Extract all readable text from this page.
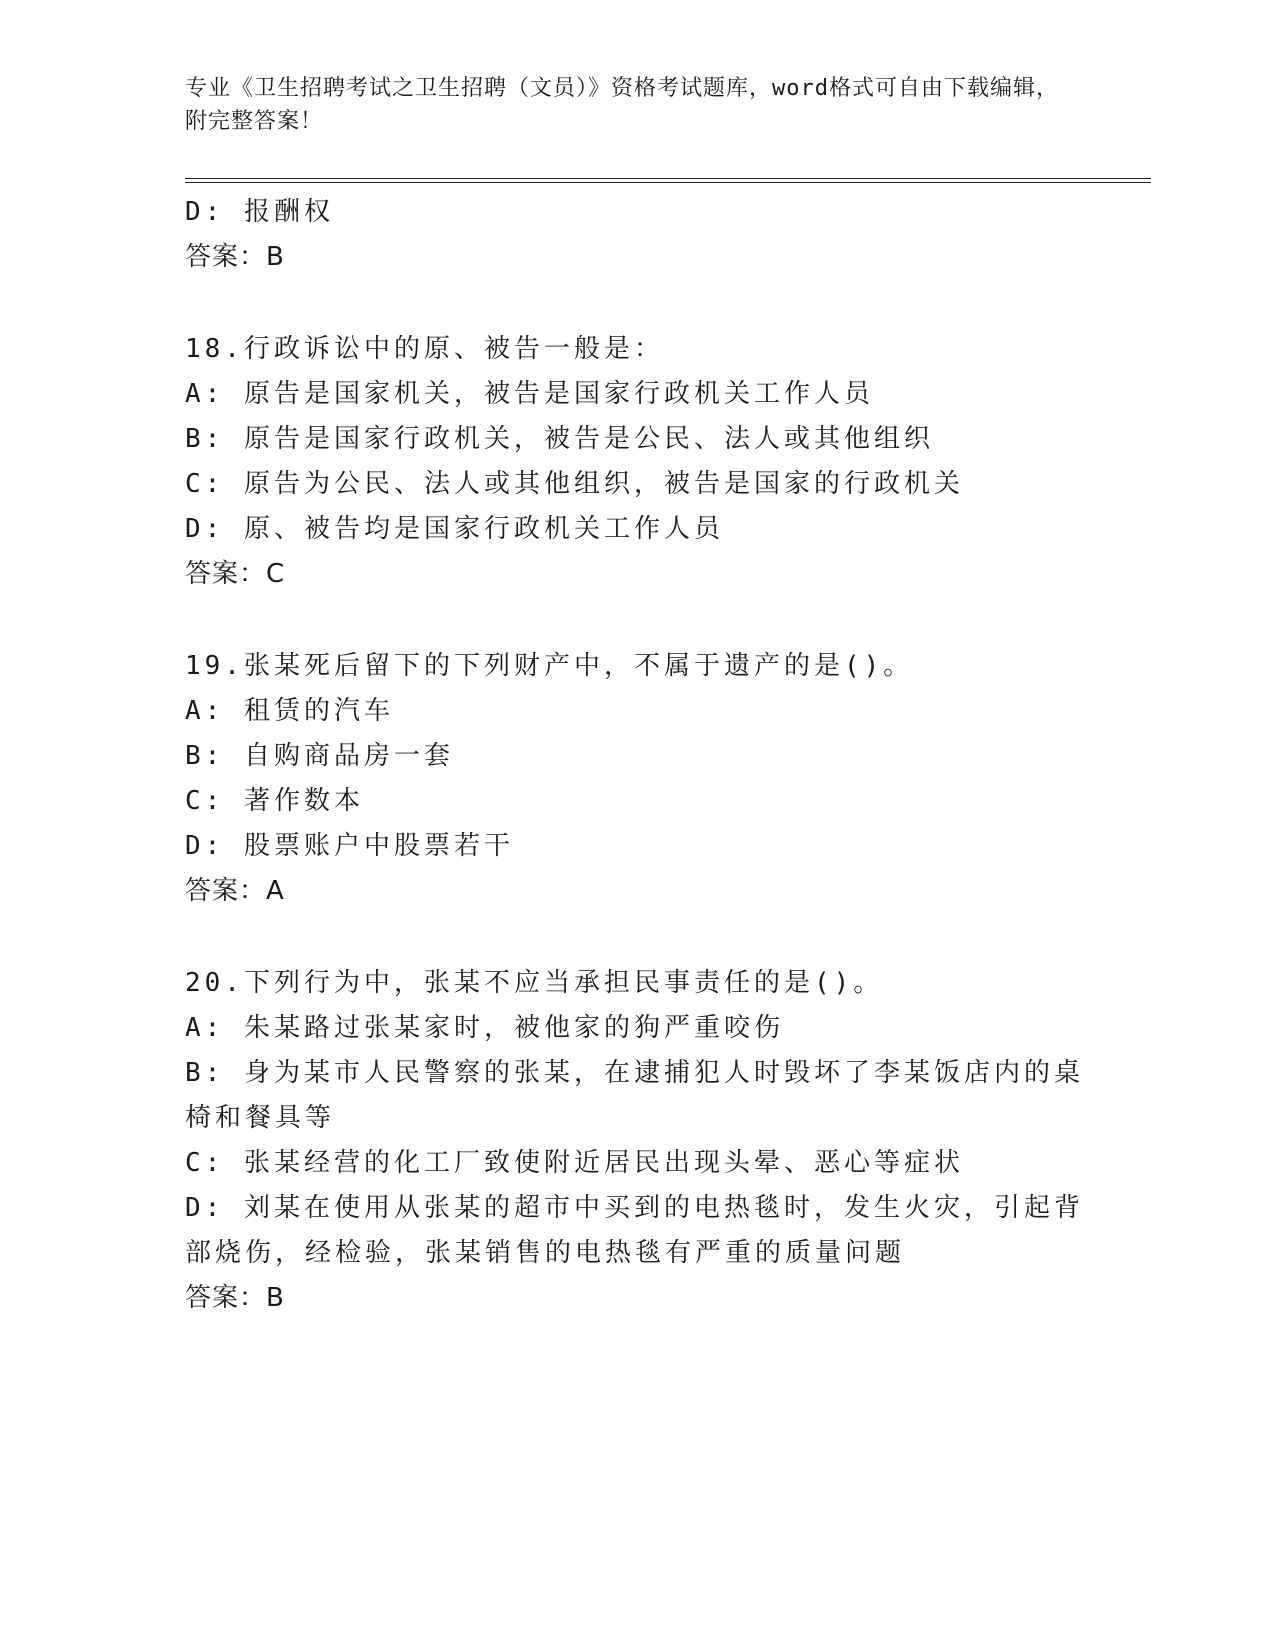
专业《卫生招聘考试之卫生招聘（文员）》资格考试题库，word格式可自由下载编辑，附完整答案！
D: 报酬权
答案：B
18.行政诉讼中的原、被告一般是：
A: 原告是国家机关，被告是国家行政机关工作人员
B: 原告是国家行政机关，被告是公民、法人或其他组织
C: 原告为公民、法人或其他组织，被告是国家的行政机关
D: 原、被告均是国家行政机关工作人员
答案：C
19.张某死后留下的下列财产中，不属于遗产的是()。
A: 租赁的汽车
B: 自购商品房一套
C: 著作数本
D: 股票账户中股票若干
答案：A
20.下列行为中，张某不应当承担民事责任的是()。
A: 朱某路过张某家时，被他家的狗严重咬伤
B: 身为某市人民警察的张某，在逮捕犯人时毁坏了李某饭店内的桌椅和餐具等
C: 张某经营的化工厂致使附近居民出现头晕、恶心等症状
D: 刘某在使用从张某的超市中买到的电热毯时，发生火灾，引起背部烧伤，经检验，张某销售的电热毯有严重的质量问题
答案：B
